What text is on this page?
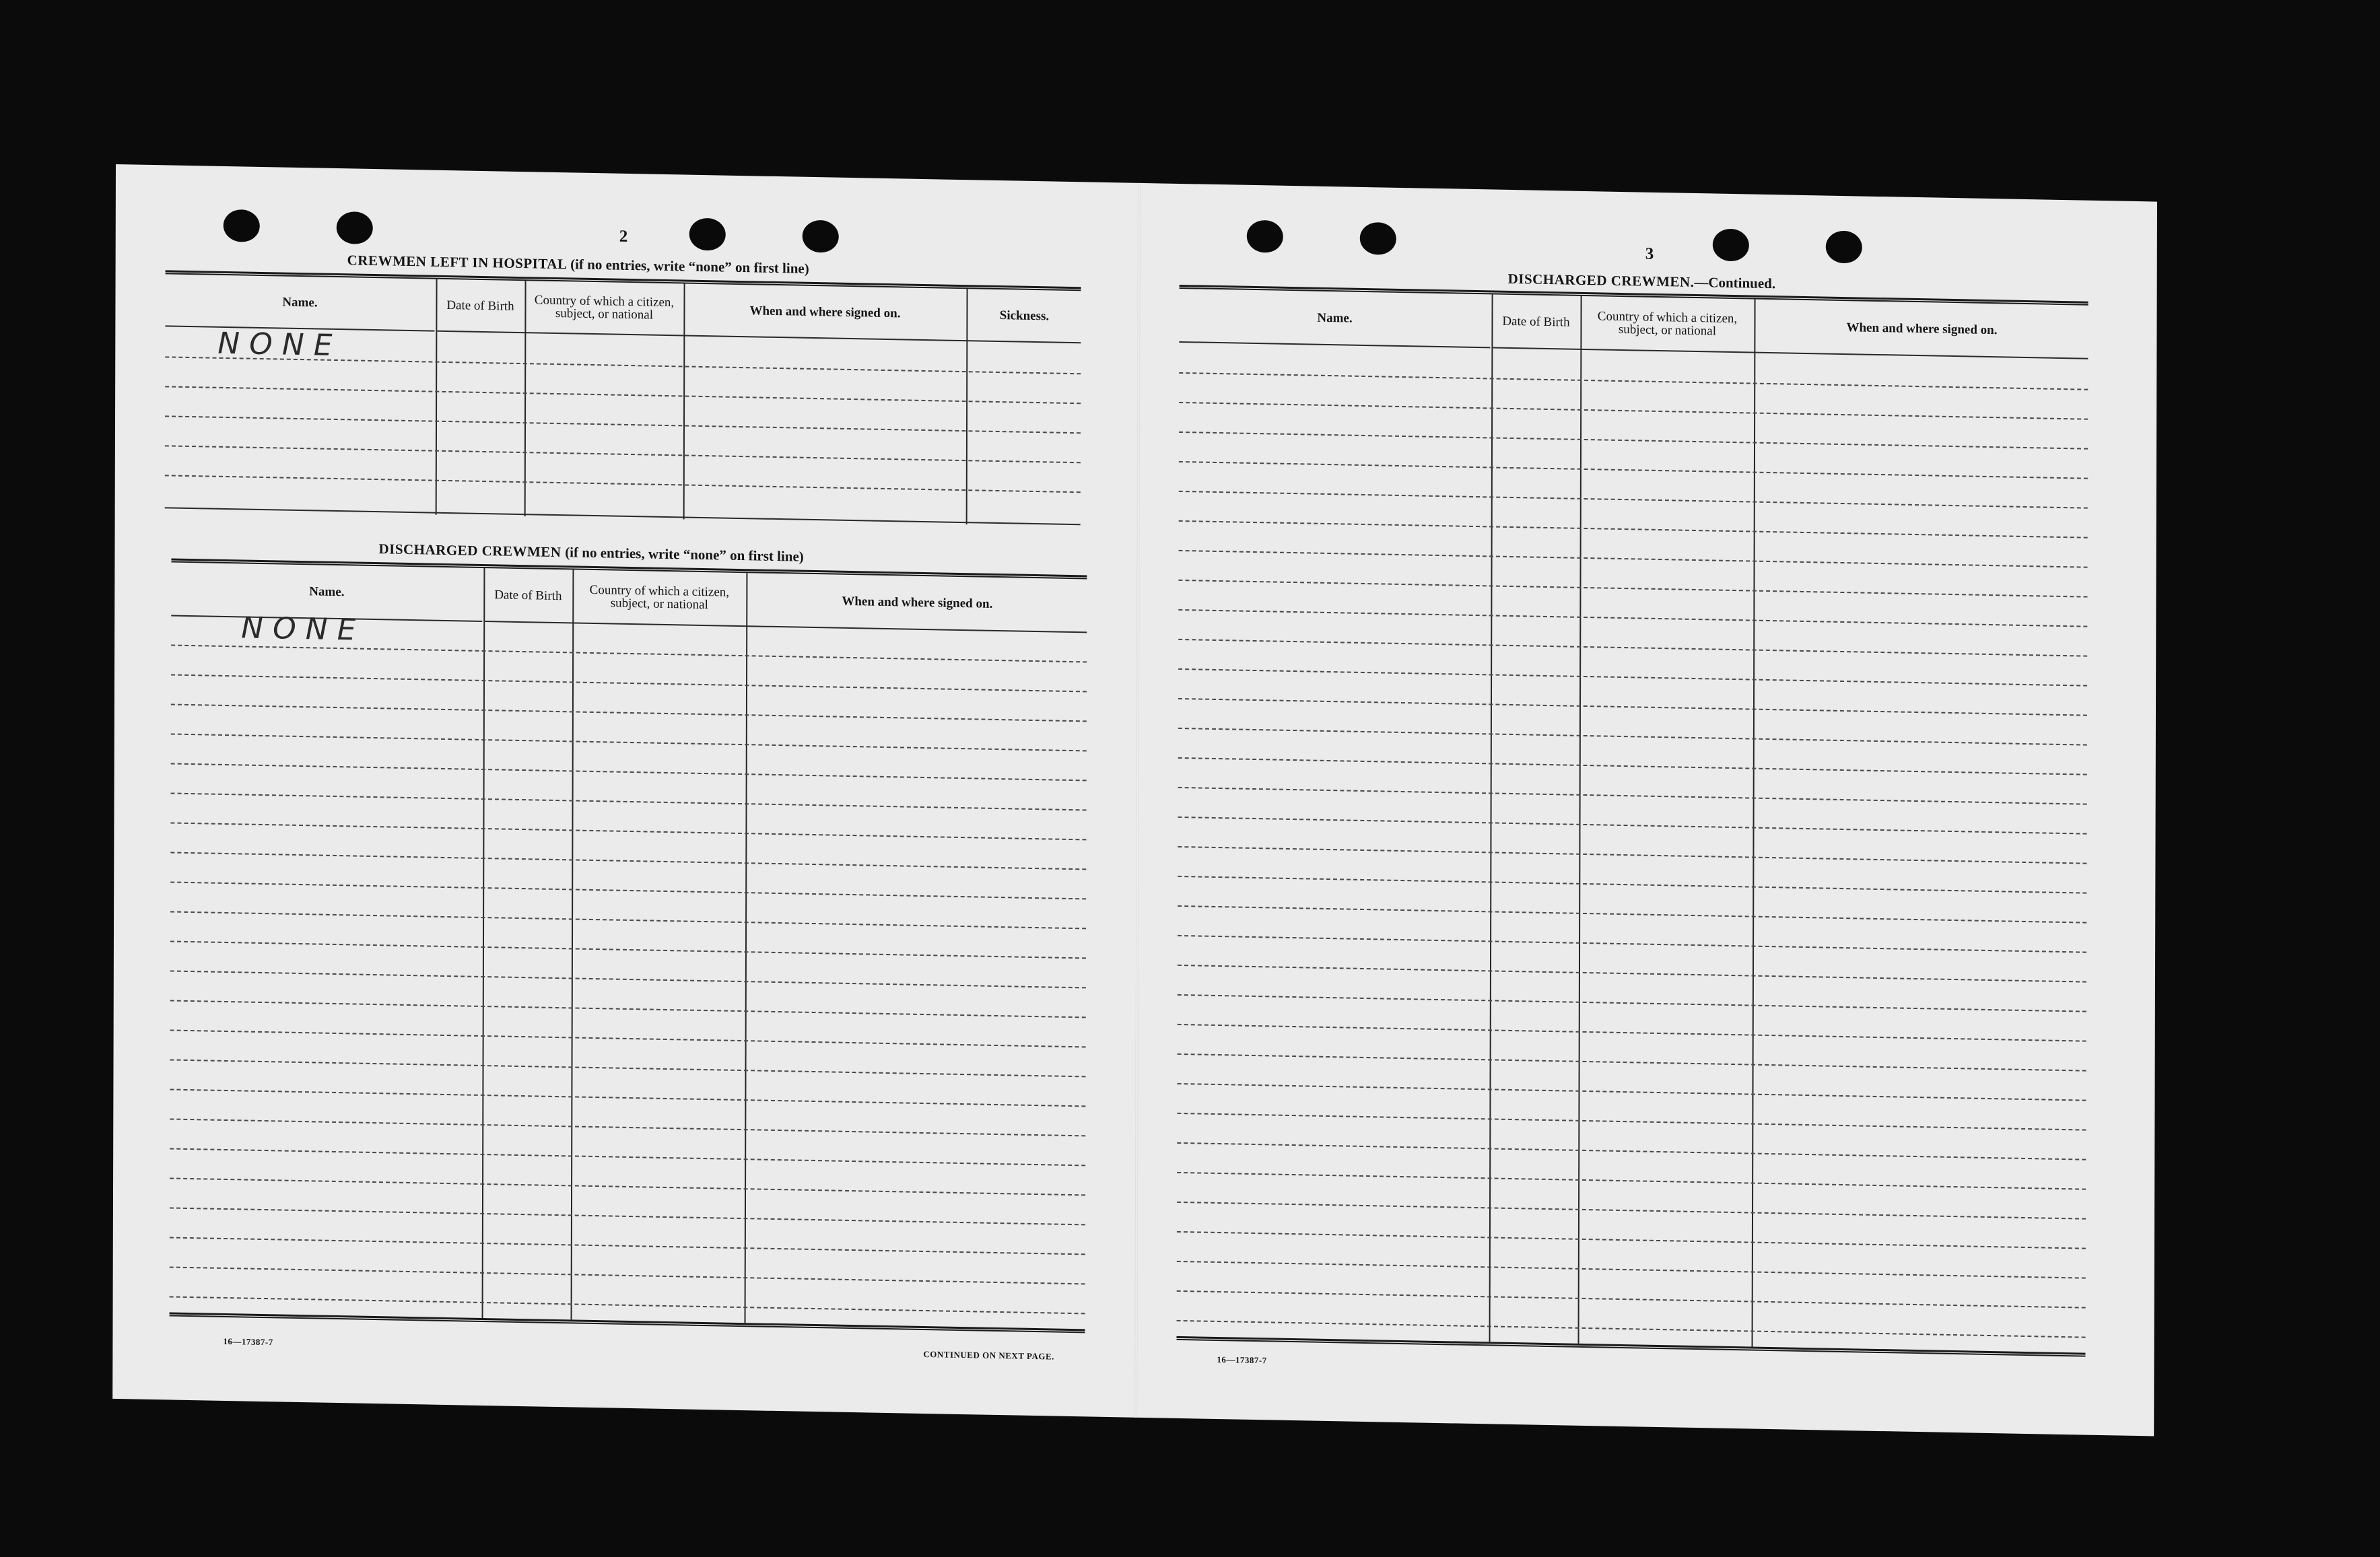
2
CREWMEN LEFT IN HOSPITAL (if no entries, write “none” on first line)
Name.	Date of Birth	Country of which a citizen, subject, or national	When and where signed on.	Sickness.
NONE
DISCHARGED CREWMEN (if no entries, write “none” on first line)
Name.	Date of Birth	Country of which a citizen, subject, or national	When and where signed on.
NONE
16—17387-7
CONTINUED ON NEXT PAGE.
3
DISCHARGED CREWMEN.—Continued.
Name.	Date of Birth	Country of which a citizen, subject, or national	When and where signed on.
16—17387-7
